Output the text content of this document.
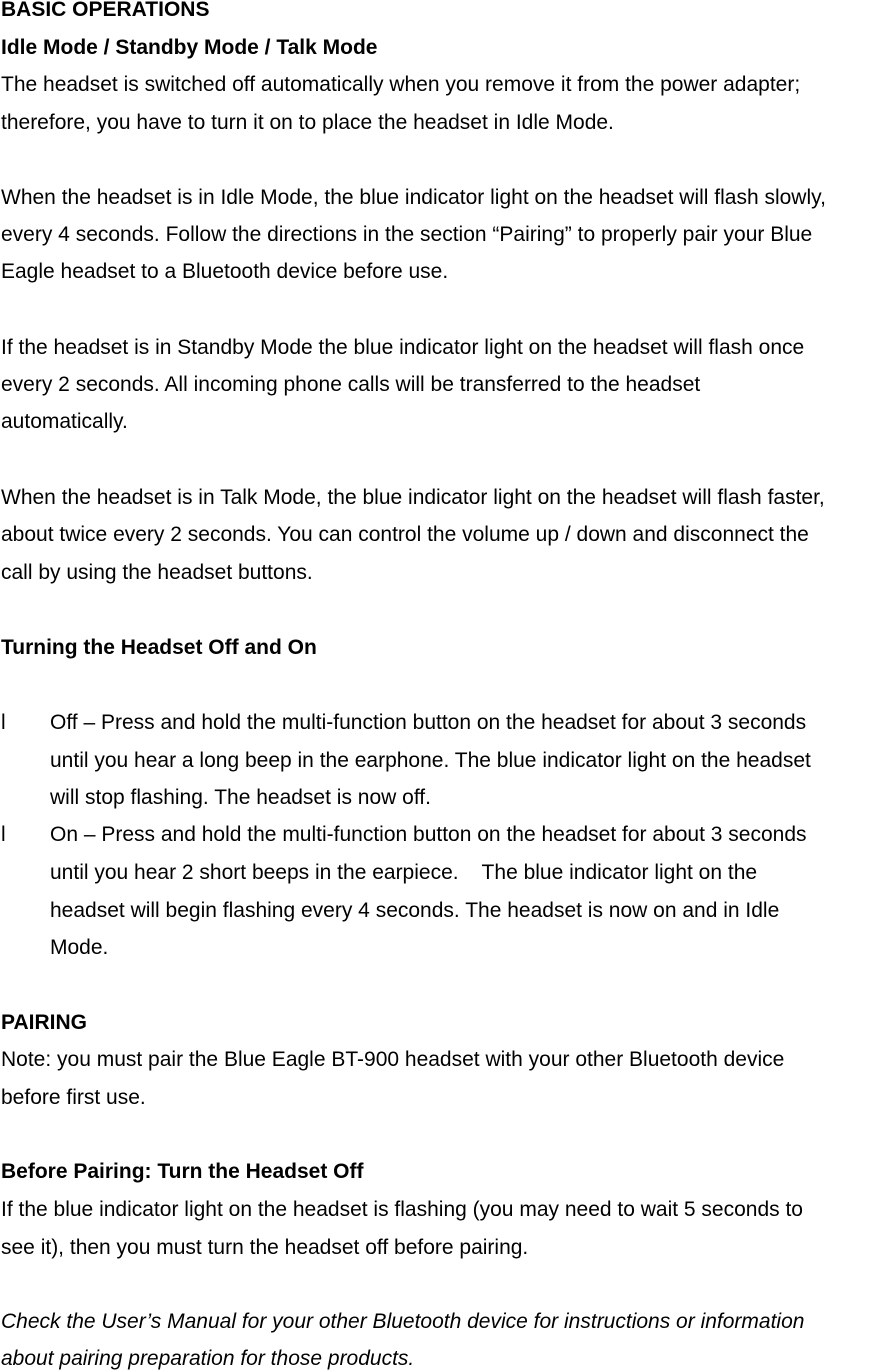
BASIC OPERATIONS
Idle Mode / Standby Mode / Talk Mode
The headset is switched off automatically when you remove it from the power adapter;
therefore, you have to turn it on to place the headset in Idle Mode.
When the headset is in Idle Mode, the blue indicator light on the headset will flash slowly,
every 4 seconds. Follow the directions in the section “Pairing” to properly pair your Blue
Eagle headset to a Bluetooth device before use.
If the headset is in Standby Mode the blue indicator light on the headset will flash once
every 2 seconds. All incoming phone calls will be transferred to the headset
automatically.
When the headset is in Talk Mode, the blue indicator light on the headset will flash faster,
about twice every 2 seconds. You can control the volume up / down and disconnect the
call by using the headset buttons.
Turning the Headset Off and On
l Off – Press and hold the multi-function button on the headset for about 3 seconds
until you hear a long beep in the earphone. The blue indicator light on the headset
will stop flashing. The headset is now off.
l On – Press and hold the multi-function button on the headset for about 3 seconds
until you hear 2 short beeps in the earpiece.    The blue indicator light on the
headset will begin flashing every 4 seconds. The headset is now on and in Idle
Mode.
PAIRING
Note: you must pair the Blue Eagle BT-900 headset with your other Bluetooth device
before first use.
Before Pairing: Turn the Headset Off
If the blue indicator light on the headset is flashing (you may need to wait 5 seconds to
see it), then you must turn the headset off before pairing.
Check the User’s Manual for your other Bluetooth device for instructions or information
about pairing preparation for those products.
